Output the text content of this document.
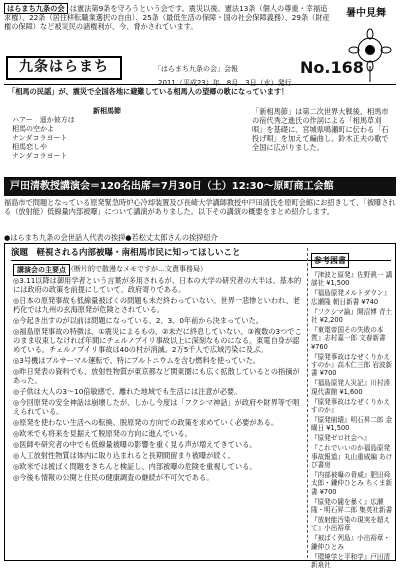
はらまち九条の会 は憲法第9条を守ろうという会です。震災以後、憲法13条（個人の尊重・幸福追求権）、22条（居住移転職業選択の自由）、25条（最低生活の保障・国の社会保障義務）、29条（財産権の保障）など被災民の諸権利が、今、脅かされています。
九条はらまち	「はらまち九条の会」会報	No.168
2011（平成23）年　8月　3日（水）発行
暑中見舞
「相馬の民謡」が、震災で全国各地に避難している相馬人の望郷の歌になっています！
新相馬節
ハアー　遥か彼方は
相馬の空かよ
ナンダコラヨート
相馬恋しや
ナンダコラヨート
「新相馬節」は第二次世界大戦後、相馬市の宿代秀之進氏の作詞による「相馬草刈唄」を基礎に、宮城県鳴瀬町に伝わる「石投げ唄」を加えて編曲し、鈴木正夫の歌で全国に広がりました。
戸田清教授講演会＝120名出席＝7月30日（土）12:30～原町商工会館
福島市で問題となっている原発緊急時炉心冷却装置及び長崎大学講師教授中戸田清氏を原町会館にお招きして、「被曝される（放射能）低線量内部被曝」について講演がありました。以下その講演の概要をまとめ紹介します。
●はらまち九条の会世話人代表の挨拶●若松丈太郎さんの挨拶紹介
演題　軽視される内部被曝・南相馬市民に知ってほしいこと
講演会の主要点 （断片的で散漫なメモですが…文責事務局）

◎3.11以降は御用学者という言葉が多用されるが、日本の大学の研究者の大半は、基本的には政府の政策を前提にしていて、政府寄りである。

◎日本の原発事故も低線量被ばくの問題も未だ終わっていない。世界一悲惨といわれ、老朽化では九州の玄海原発が危険とされている。

◎今起き出すのが以前は問題になっている、2、3、0年前から決まっていた。

◎福島原発事故の特徴は、①震災によるもの、②未だに終息していない、③複数の3つでこのまま収束しなければ年間にチェルノブイリ事故以上に深刻なものになる。東電自身が認めている。チェルノブイリ事故は40の村が消滅。2万5千人で広域汚染に及ぶ。

◎3号機はプルサーマル運転で、特にプルトニウムを含む燃料を使っていた。

◎昨日発表の資料でも、放射性物質が東京都など関東圏にも広く拡散しているとの指摘があった。

◎子供は大人の3～10倍敏感で、離れた地域でも生活には注意が必要。

◎今回原発の安全神話は崩壊したが、しかし今度は「フクシマ神話」が政府や財界等で唱えられている。

◎原発を使わない生活への転換、脱原発の方向での政策を求めていく必要がある。

◎欧米でも将来を見据えて脱原発の方向に進んでいる。

◎医師や研究者の中でも低線量被曝の影響を重く見る声が増えてきている。

◎人工放射性物質は体内に取り込まれると長期間留まり被曝が続く。

◎欧米では被ばく問題をきちんと検証し、内部被曝の危険を重視している。

◎今後も情報の公開と住民の健康調査の継続が不可欠である。

参考図書
『津波と原発』佐野眞一 講談社 ¥1,500
『福島原発メルトダウン』広瀬隆 朝日新書 ¥740
『フクシマ論』開沼博 青土社 ¥2,200
『東電帝国その失敗の本質』志村嘉一郎 文春新書 ¥760
『原発事故はなぜくりかえすのか』高木仁三郎 岩波新書 ¥700
『福島原発人災記』川村湊 現代書館 ¥1,600
『原発事故はなぜくりかえすのか』
『原発崩壊』明石昇二郎 金曜日 ¥1,500
『原発ゼロ社会へ』
『これでいいのか福島原発事故報道』丸山重威編 あけび書房
『内部被曝の脅威』肥田舜太郎・鎌仲ひとみ ちくま新書 ¥700
『原発の闇を暴く』広瀬隆・明石昇二郎 集英社新書
『放射能汚染の現実を超えて』小出裕章
『被ばく列島』小出裕章・鎌仲ひとみ
『環境学と平和学』戸田清 新泉社
